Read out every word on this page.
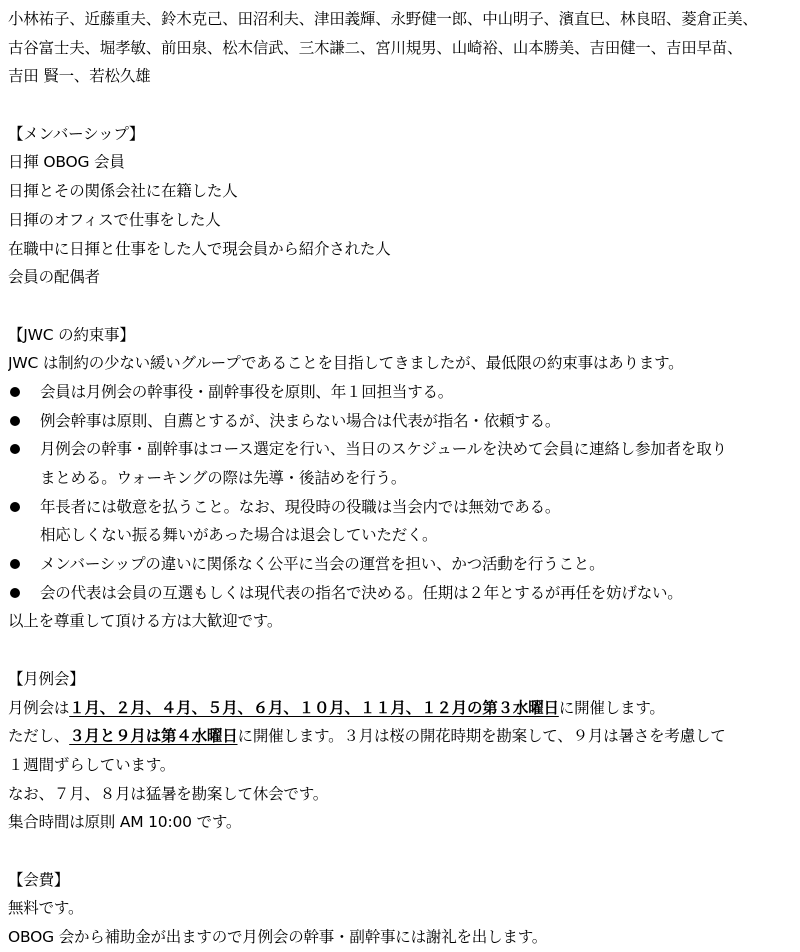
小林祐子、近藤重夫、鈴木克己、田沼利夫、津田義輝、永野健一郎、中山明子、濱直巳、林良昭、菱倉正美、
古谷富士夫、堀孝敏、前田泉、松木信武、三木謙二、宮川規男、山崎裕、山本勝美、吉田健一、吉田早苗、
吉田 賢一、若松久雄
【メンバーシップ】
日揮 OBOG 会員
日揮とその関係会社に在籍した人
日揮のオフィスで仕事をした人
在職中に日揮と仕事をした人で現会員から紹介された人
会員の配偶者
【JWC の約束事】
JWC は制約の少ない緩いグループであることを目指してきましたが、最低限の約束事はあります。
会員は月例会の幹事役・副幹事役を原則、年１回担当する。
例会幹事は原則、自薦とするが、決まらない場合は代表が指名・依頼する。
月例会の幹事・副幹事はコース選定を行い、当日のスケジュールを決めて会員に連絡し参加者を取り
まとめる。ウォーキングの際は先導・後詰めを行う。
年長者には敬意を払うこと。なお、現役時の役職は当会内では無効である。
相応しくない振る舞いがあった場合は退会していただく。
メンバーシップの違いに関係なく公平に当会の運営を担い、かつ活動を行うこと。
会の代表は会員の互選もしくは現代表の指名で決める。任期は２年とするが再任を妨げない。
以上を尊重して頂ける方は大歓迎です。
【月例会】
月例会は１月、２月、４月、５月、６月、１０月、１１月、１２月の第３水曜日に開催します。
ただし、３月と９月は第４水曜日に開催します。３月は桜の開花時期を勘案して、９月は暑さを考慮して
１週間ずらしています。
なお、７月、８月は猛暑を勘案して休会です。
集合時間は原則 AM 10:00 です。
【会費】
無料です。
OBOG 会から補助金が出ますので月例会の幹事・副幹事には謝礼を出します。
